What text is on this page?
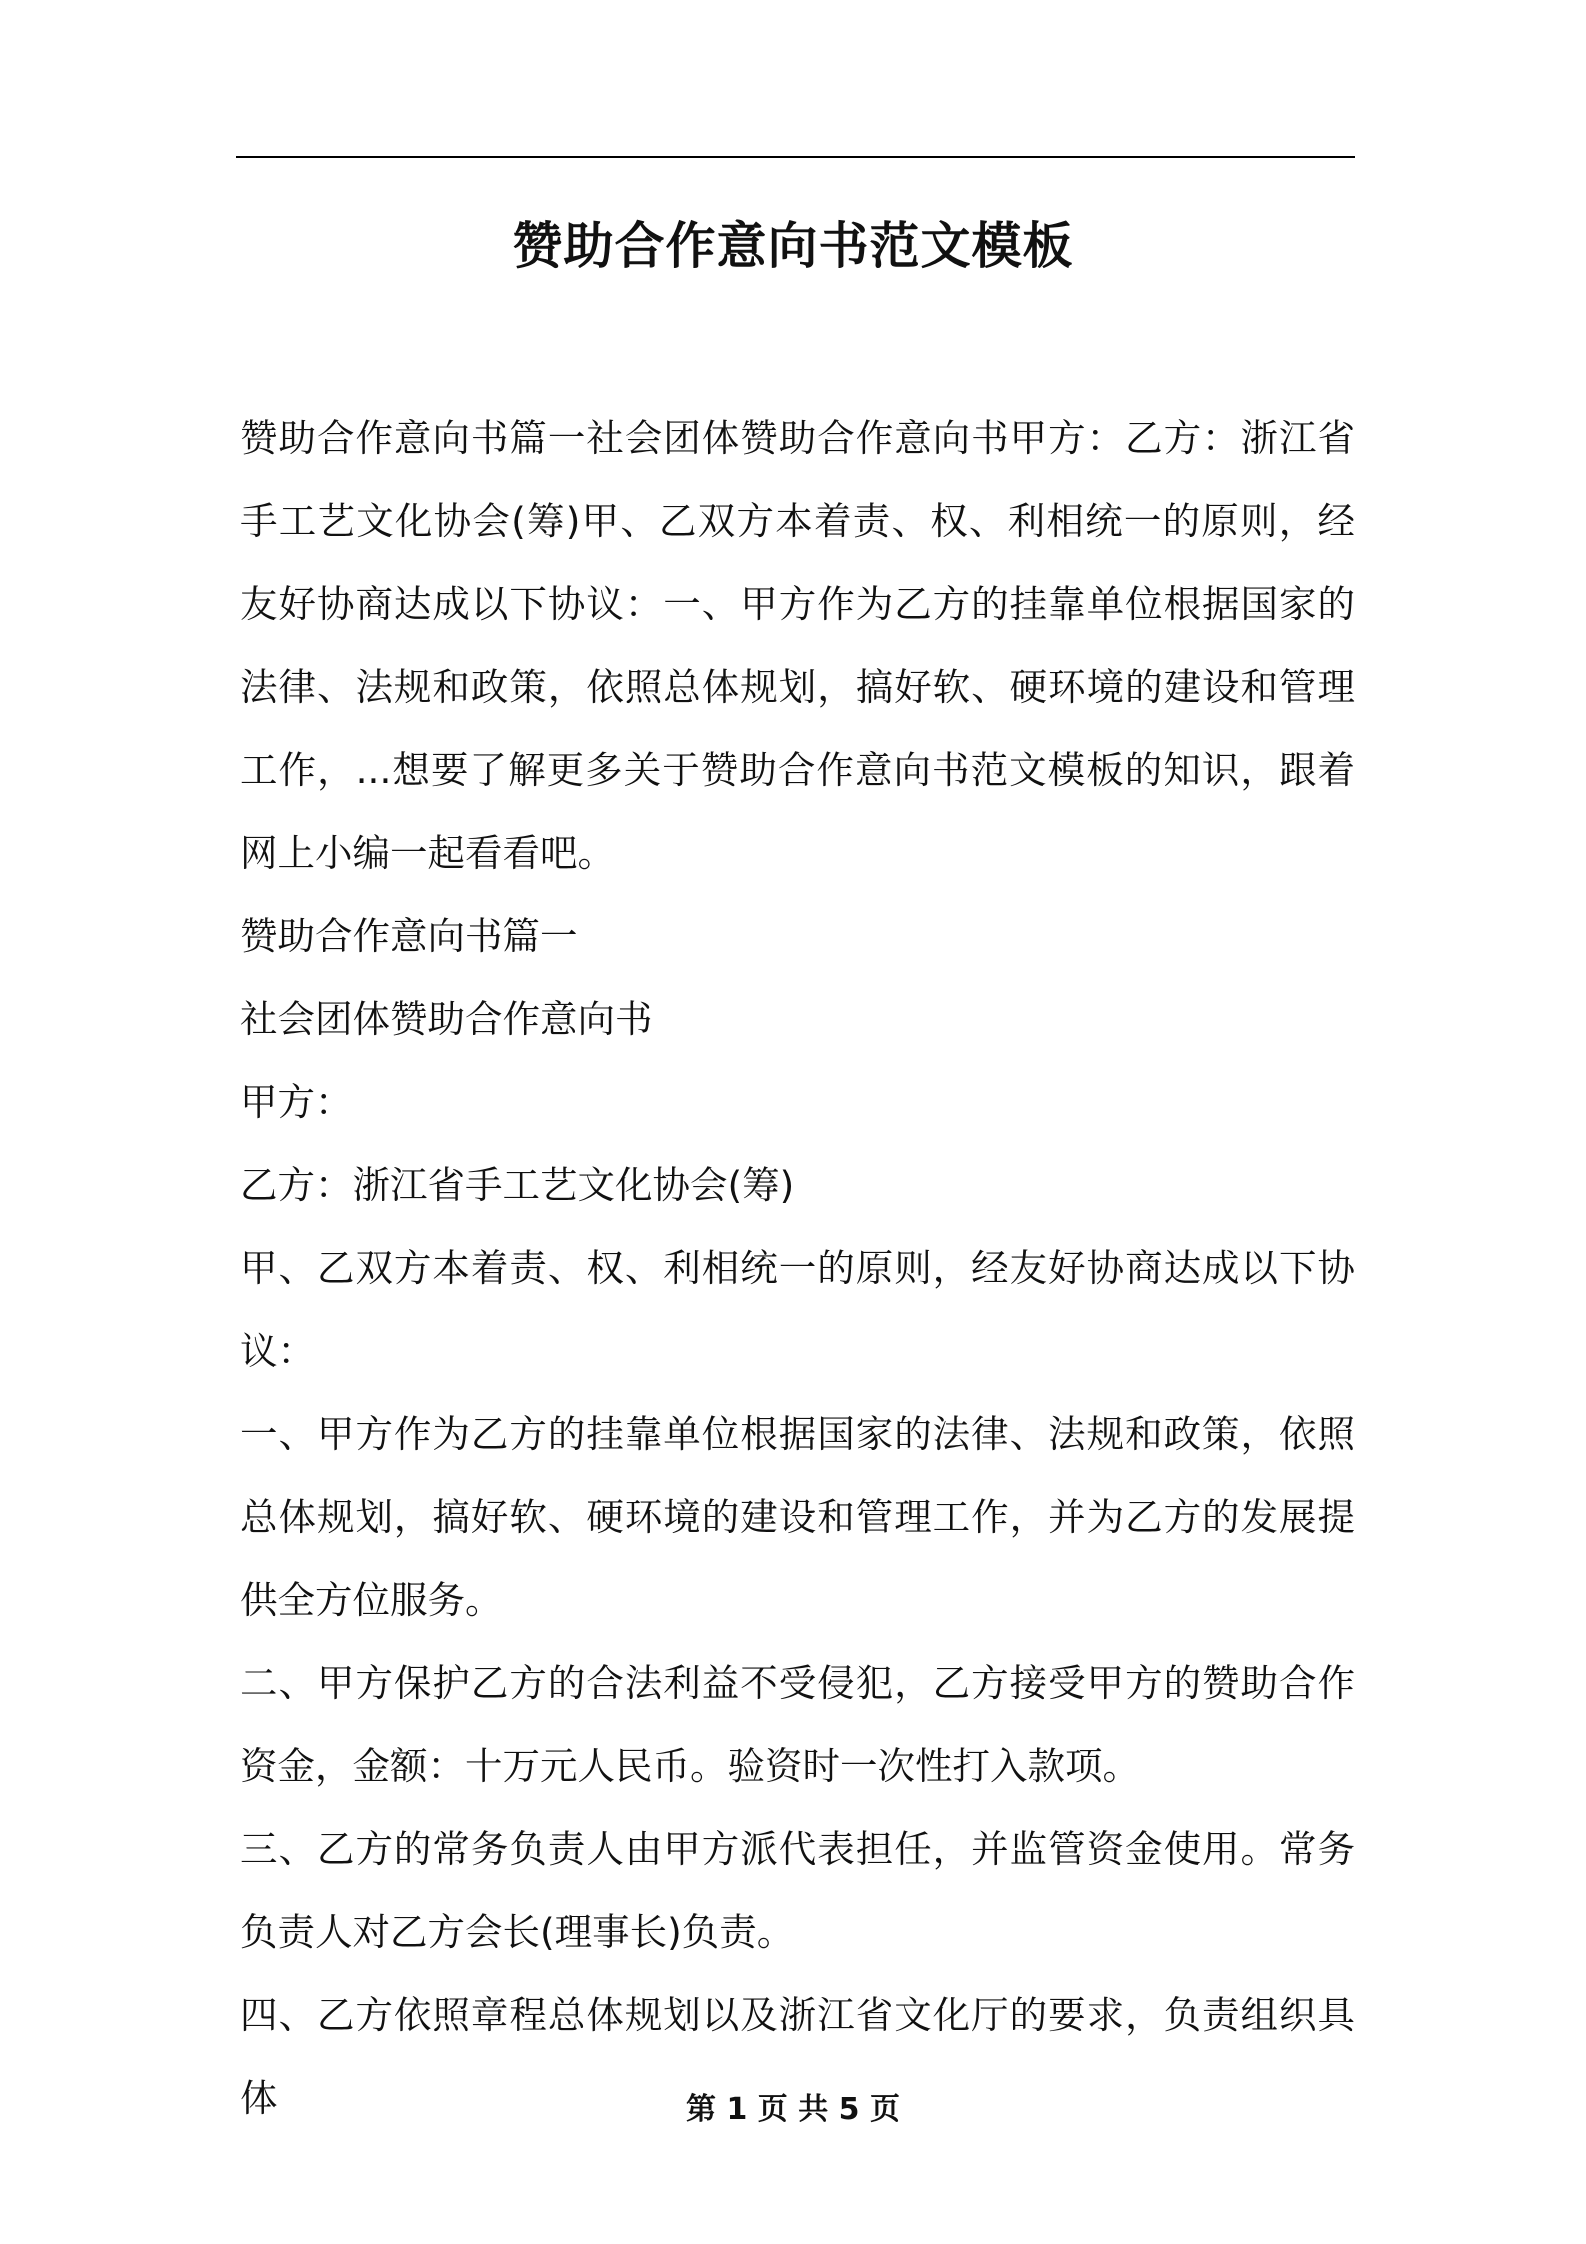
赞助合作意向书范文模板

赞助合作意向书篇一社会团体赞助合作意向书甲方：乙方：浙江省手工艺文化协会(筹)甲、乙双方本着责、权、利相统一的原则，经友好协商达成以下协议：一、甲方作为乙方的挂靠单位根据国家的法律、法规和政策，依照总体规划，搞好软、硬环境的建设和管理工作，...想要了解更多关于赞助合作意向书范文模板的知识，跟着网上小编一起看看吧。

赞助合作意向书篇一

社会团体赞助合作意向书

甲方：

乙方：浙江省手工艺文化协会(筹)

甲、乙双方本着责、权、利相统一的原则，经友好协商达成以下协议：

一、甲方作为乙方的挂靠单位根据国家的法律、法规和政策，依照总体规划，搞好软、硬环境的建设和管理工作，并为乙方的发展提供全方位服务。

二、甲方保护乙方的合法利益不受侵犯，乙方接受甲方的赞助合作资金，金额：十万元人民币。验资时一次性打入款项。

三、乙方的常务负责人由甲方派代表担任，并监管资金使用。常务负责人对乙方会长(理事长)负责。

四、乙方依照章程总体规划以及浙江省文化厅的要求，负责组织具体	第 1 页 共 5 页
